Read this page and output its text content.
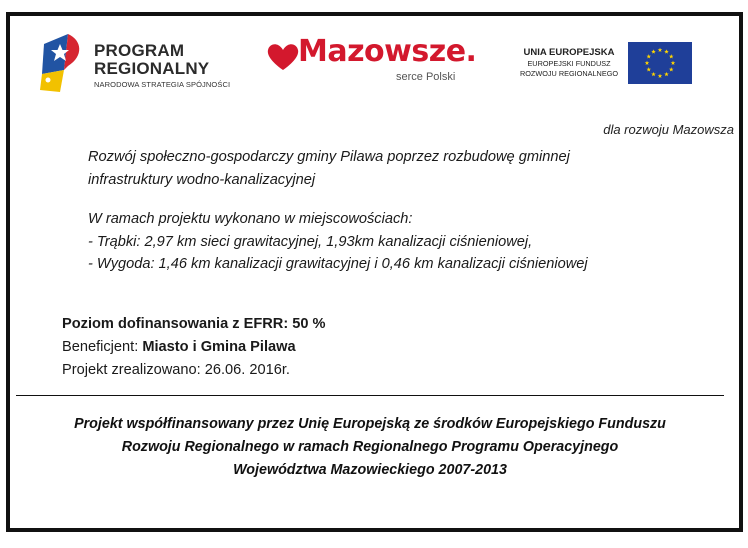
PROGRAM
REGIONALNY
NARODOWA STRATEGIA SPÓJNOŚCI
Mazowsze.
serce Polski
UNIA EUROPEJSKA
EUROPEJSKI FUNDUSZ
ROZWOJU REGIONALNEGO
dla rozwoju Mazowsza
Rozwój społeczno-gospodarczy gminy Pilawa poprzez rozbudowę gminnej
infrastruktury wodno-kanalizacyjnej
W ramach projektu wykonano w miejscowościach:
- Trąbki: 2,97 km sieci grawitacyjnej, 1,93km kanalizacji ciśnieniowej,
- Wygoda: 1,46 km kanalizacji grawitacyjnej i 0,46 km kanalizacji ciśnieniowej
Poziom dofinansowania z EFRR: 50 %
Beneficjent: Miasto i Gmina Pilawa
Projekt zrealizowano: 26.06. 2016r.
Projekt współfinansowany przez Unię Europejską ze środków Europejskiego Funduszu
Rozwoju Regionalnego w ramach Regionalnego Programu Operacyjnego
Województwa Mazowieckiego 2007-2013
